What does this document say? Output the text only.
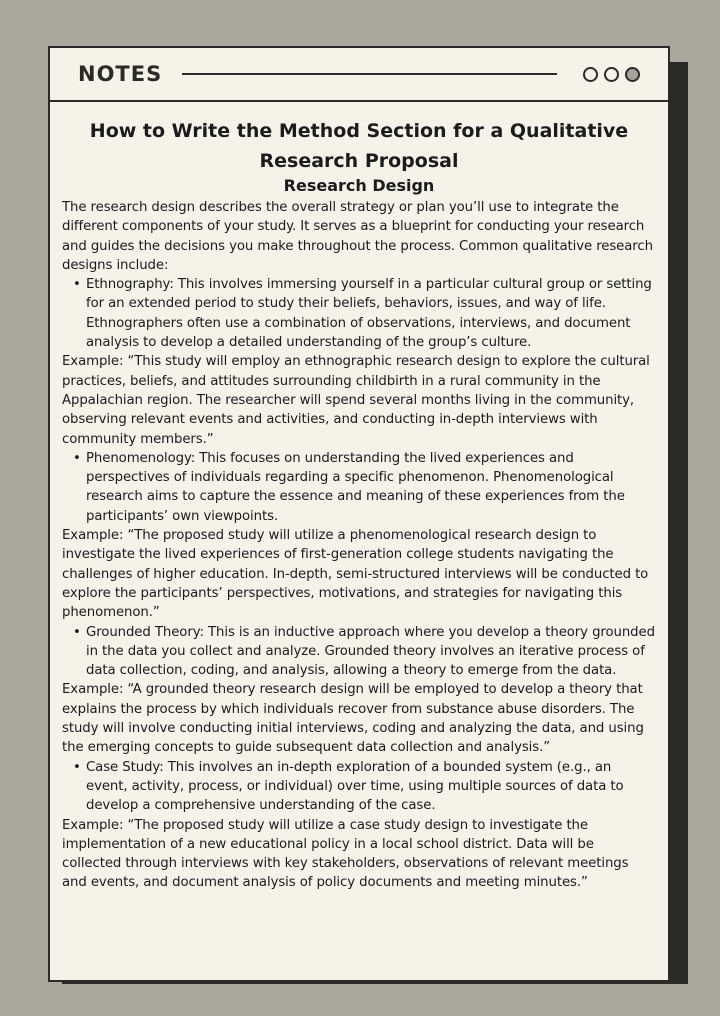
NOTES
How to Write the Method Section for a Qualitative Research Proposal
Research Design

The research design describes the overall strategy or plan you’ll use to integrate the different components of your study. It serves as a blueprint for conducting your research and guides the decisions you make throughout the process. Common qualitative research designs include:

• Ethnography: This involves immersing yourself in a particular cultural group or setting for an extended period to study their beliefs, behaviors, issues, and way of life. Ethnographers often use a combination of observations, interviews, and document analysis to develop a detailed understanding of the group’s culture.

Example: “This study will employ an ethnographic research design to explore the cultural practices, beliefs, and attitudes surrounding childbirth in a rural community in the Appalachian region. The researcher will spend several months living in the community, observing relevant events and activities, and conducting in-depth interviews with community members.”

• Phenomenology: This focuses on understanding the lived experiences and perspectives of individuals regarding a specific phenomenon. Phenomenological research aims to capture the essence and meaning of these experiences from the participants’ own viewpoints.

Example: “The proposed study will utilize a phenomenological research design to investigate the lived experiences of first-generation college students navigating the challenges of higher education. In-depth, semi-structured interviews will be conducted to explore the participants’ perspectives, motivations, and strategies for navigating this phenomenon.”

• Grounded Theory: This is an inductive approach where you develop a theory grounded in the data you collect and analyze. Grounded theory involves an iterative process of data collection, coding, and analysis, allowing a theory to emerge from the data.

Example: “A grounded theory research design will be employed to develop a theory that explains the process by which individuals recover from substance abuse disorders. The study will involve conducting initial interviews, coding and analyzing the data, and using the emerging concepts to guide subsequent data collection and analysis.”

• Case Study: This involves an in-depth exploration of a bounded system (e.g., an event, activity, process, or individual) over time, using multiple sources of data to develop a comprehensive understanding of the case.

Example: “The proposed study will utilize a case study design to investigate the implementation of a new educational policy in a local school district. Data will be collected through interviews with key stakeholders, observations of relevant meetings and events, and document analysis of policy documents and meeting minutes.”
